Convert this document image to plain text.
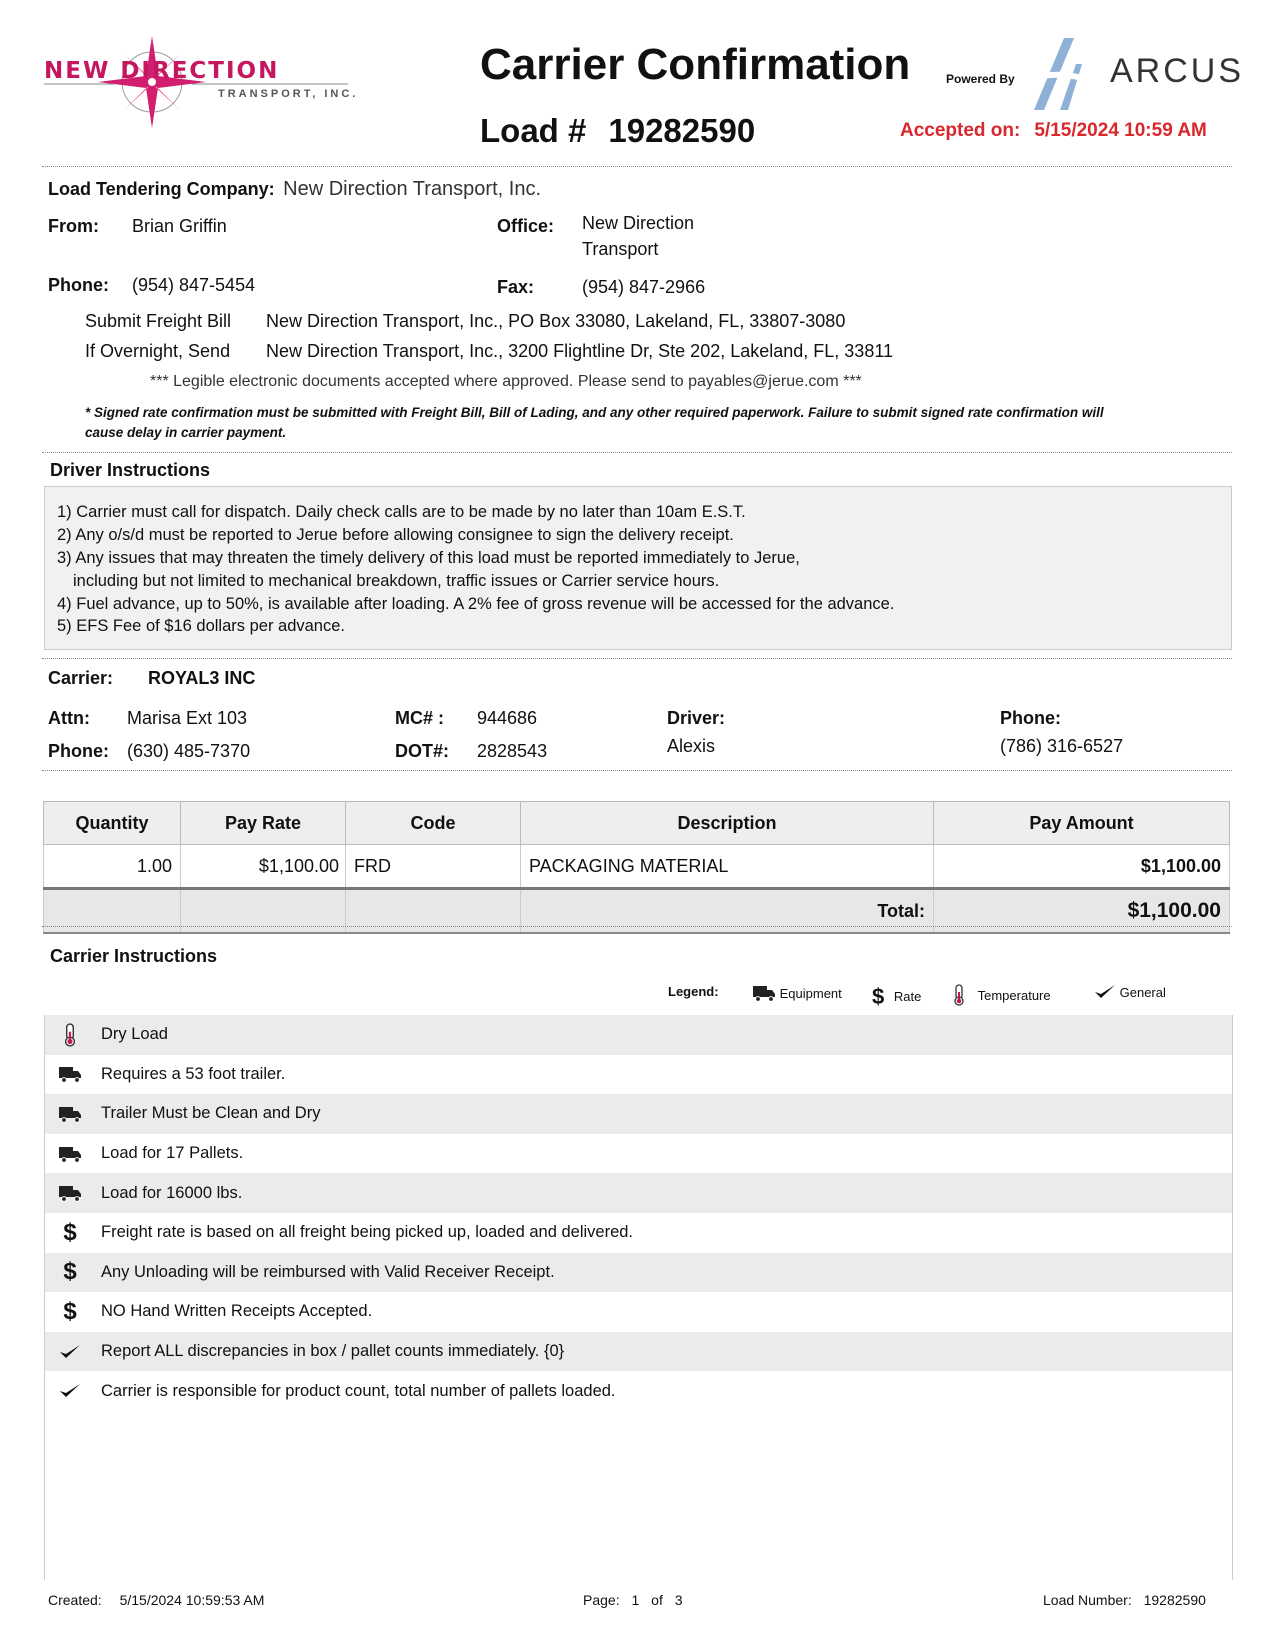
NEW DIRECTION
TRANSPORT, INC.
Carrier Confirmation
Load # 19282590
Powered By	ARCUS
Accepted on: 5/15/2024 10:59 AM
Load Tendering Company: New Direction Transport, Inc.
From: Brian Griffin	Office: New Direction
Transport
Phone: (954) 847-5454	Fax:	(954) 847-2966
Submit Freight Bill New Direction Transport, Inc., PO Box 33080, Lakeland, FL, 33807-3080
If Overnight, Send New Direction Transport, Inc., 3200 Flightline Dr, Ste 202, Lakeland, FL, 33811
*** Legible electronic documents accepted where approved. Please send to payables@jerue.com ***
* Signed rate confirmation must be submitted with Freight Bill, Bill of Lading, and any other required paperwork. Failure to submit signed rate confirmation will
cause delay in carrier payment.
Driver Instructions
1) Carrier must call for dispatch. Daily check calls are to be made by no later than 10am E.S.T.
2) Any o/s/d must be reported to Jerue before allowing consignee to sign the delivery receipt.
3) Any issues that may threaten the timely delivery of this load must be reported immediately to Jerue,
including but not limited to mechanical breakdown, traffic issues or Carrier service hours.
4) Fuel advance, up to 50%, is available after loading. A 2% fee of gross revenue will be accessed for the advance.
5) EFS Fee of $16 dollars per advance.
Carrier: ROYAL3 INC
Attn: Marisa Ext 103	MC# : 944686	Driver:
Alexis
Phone:
(786) 316-6527
Phone: (630) 485-7370	DOT#: 2828543
Quantity	Pay Rate	Code	Description	Pay Amount
1.00	$1,100.00	FRD	PACKAGING MATERIAL	$1,100.00
			Total:	$1,100.00
Carrier Instructions
Legend:	Equipment $ Rate	Temperature	General
Dry Load
Requires a 53 foot trailer.
Trailer Must be Clean and Dry
Load for 17 Pallets.
Load for 16000 lbs.
$	Freight rate is based on all freight being picked up, loaded and delivered.
$	Any Unloading will be reimbursed with Valid Receiver Receipt.
$	NO Hand Written Receipts Accepted.
Report ALL discrepancies in box / pallet counts immediately. {0}
Carrier is responsible for product count, total number of pallets loaded.
Created: 5/15/2024 10:59:53 AM	Page: 1 of 3	Load Number: 19282590
